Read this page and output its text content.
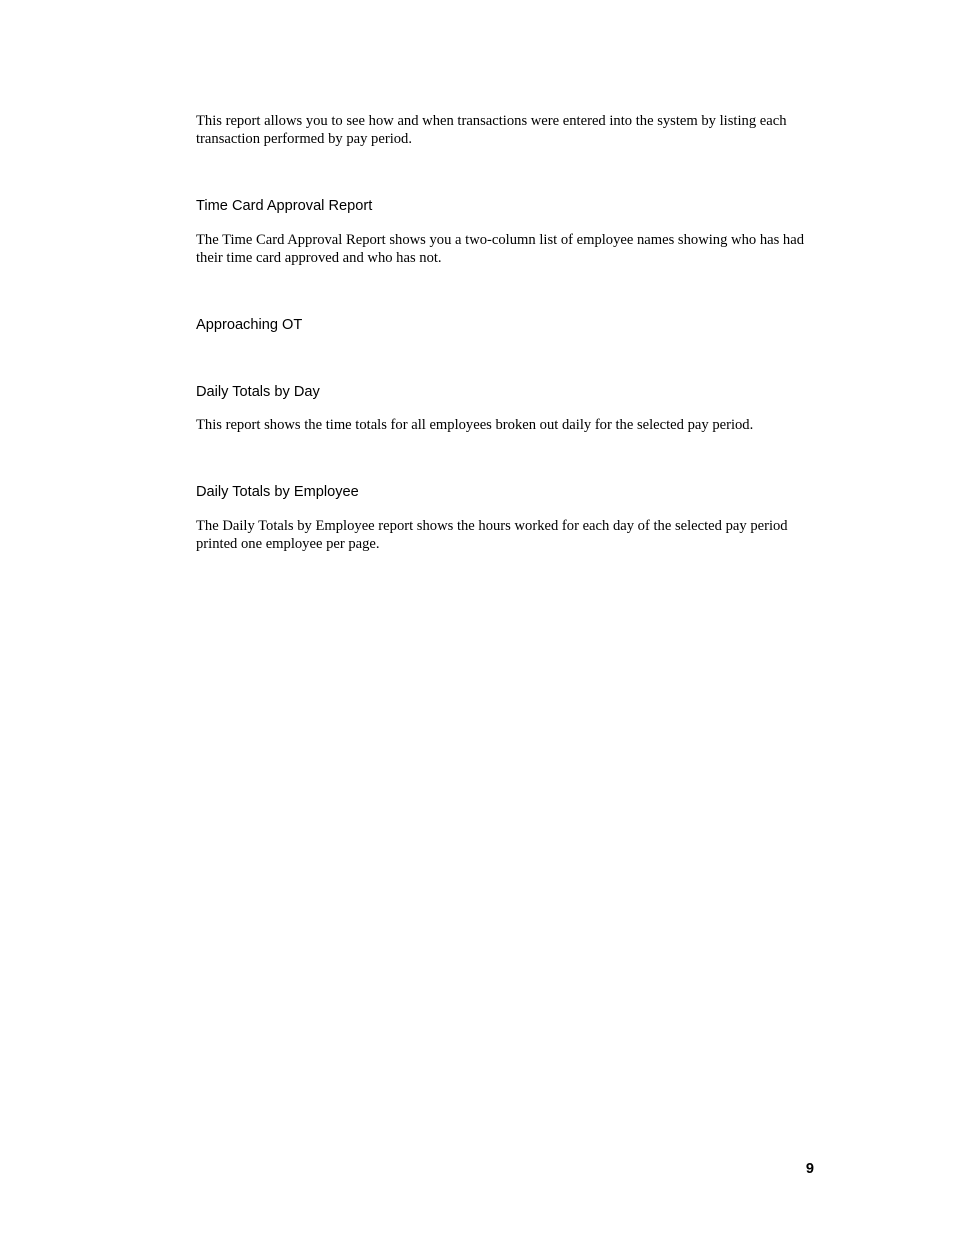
This report allows you to see how and when transactions were entered into the system by listing each transaction performed by pay period.

Time Card Approval Report

The Time Card Approval Report shows you a two-column list of employee names showing who has had their time card approved and who has not.

Approaching OT
Daily Totals by Day

This report shows the time totals for all employees broken out daily for the selected pay period.

Daily Totals by Employee

The Daily Totals by Employee report shows the hours worked for each day of the selected pay period printed one employee per page.

9
